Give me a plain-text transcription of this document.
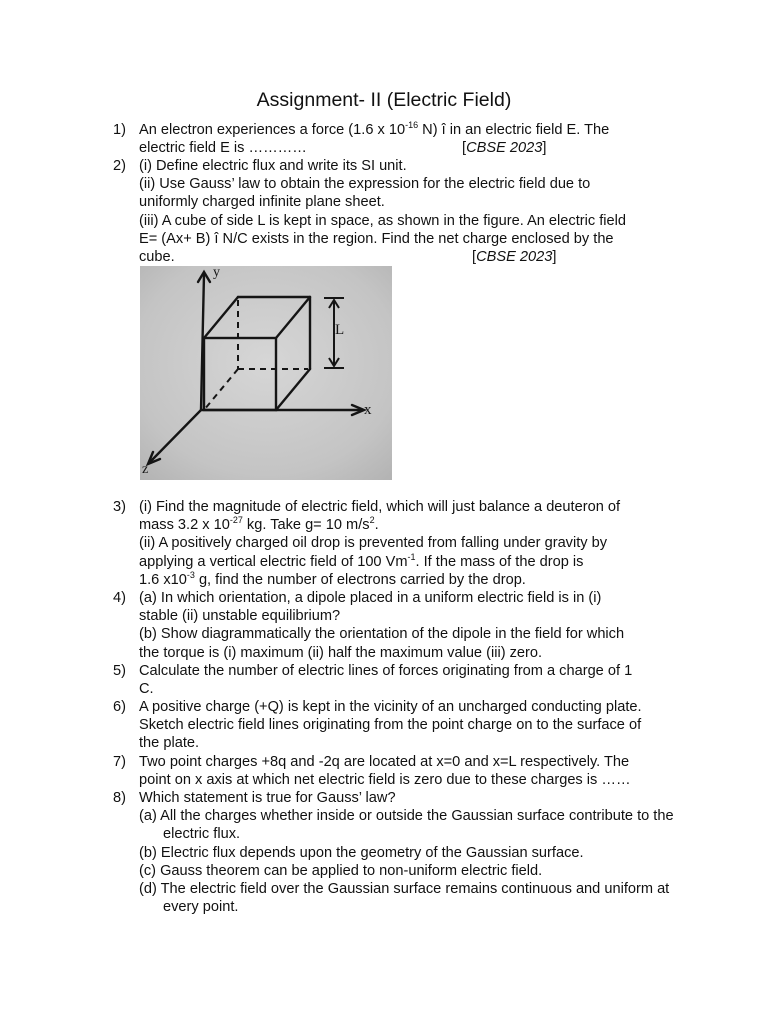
Assignment- II (Electric Field)
1) An electron experiences a force (1.6 x $10^{-16}$ N) î in an electric field E. The
electric field E is …………	[CBSE 2023]
2) (i) Define electric flux and write its SI unit.
(ii) Use Gauss’ law to obtain the expression for the electric field due to
uniformly charged infinite plane sheet.
(iii) A cube of side L is kept in space, as shown in the figure. An electric field
E= (Ax+ B) î N/C exists in the region. Find the net charge enclosed by the
cube.	[CBSE 2023]
L
y
x
z
3) (i) Find the magnitude of electric field, which will just balance a deuteron of
mass 3.2 x $10^{-27}$ kg. Take g= 10 $m/s^2$.
(ii) A positively charged oil drop is prevented from falling under gravity by
applying a vertical electric field of 100 $Vm^{-1}$. If the mass of the drop is
1.6 $x10^{-3}$ g, find the number of electrons carried by the drop.
4) (a) In which orientation, a dipole placed in a uniform electric field is in (i)
stable (ii) unstable equilibrium?
(b) Show diagrammatically the orientation of the dipole in the field for which
the torque is (i) maximum (ii) half the maximum value (iii) zero.
5) Calculate the number of electric lines of forces originating from a charge of 1
C.
6) A positive charge (+Q) is kept in the vicinity of an uncharged conducting plate.
Sketch electric field lines originating from the point charge on to the surface of
the plate.
7) Two point charges +8q and -2q are located at x=0 and x=L respectively. The
point on x axis at which net electric field is zero due to these charges is ……
8) Which statement is true for Gauss’ law?
(a) All the charges whether inside or outside the Gaussian surface contribute to the electric flux.
(b) Electric flux depends upon the geometry of the Gaussian surface.
(c) Gauss theorem can be applied to non-uniform electric field.
(d) The electric field over the Gaussian surface remains continuous and uniform at every point.
